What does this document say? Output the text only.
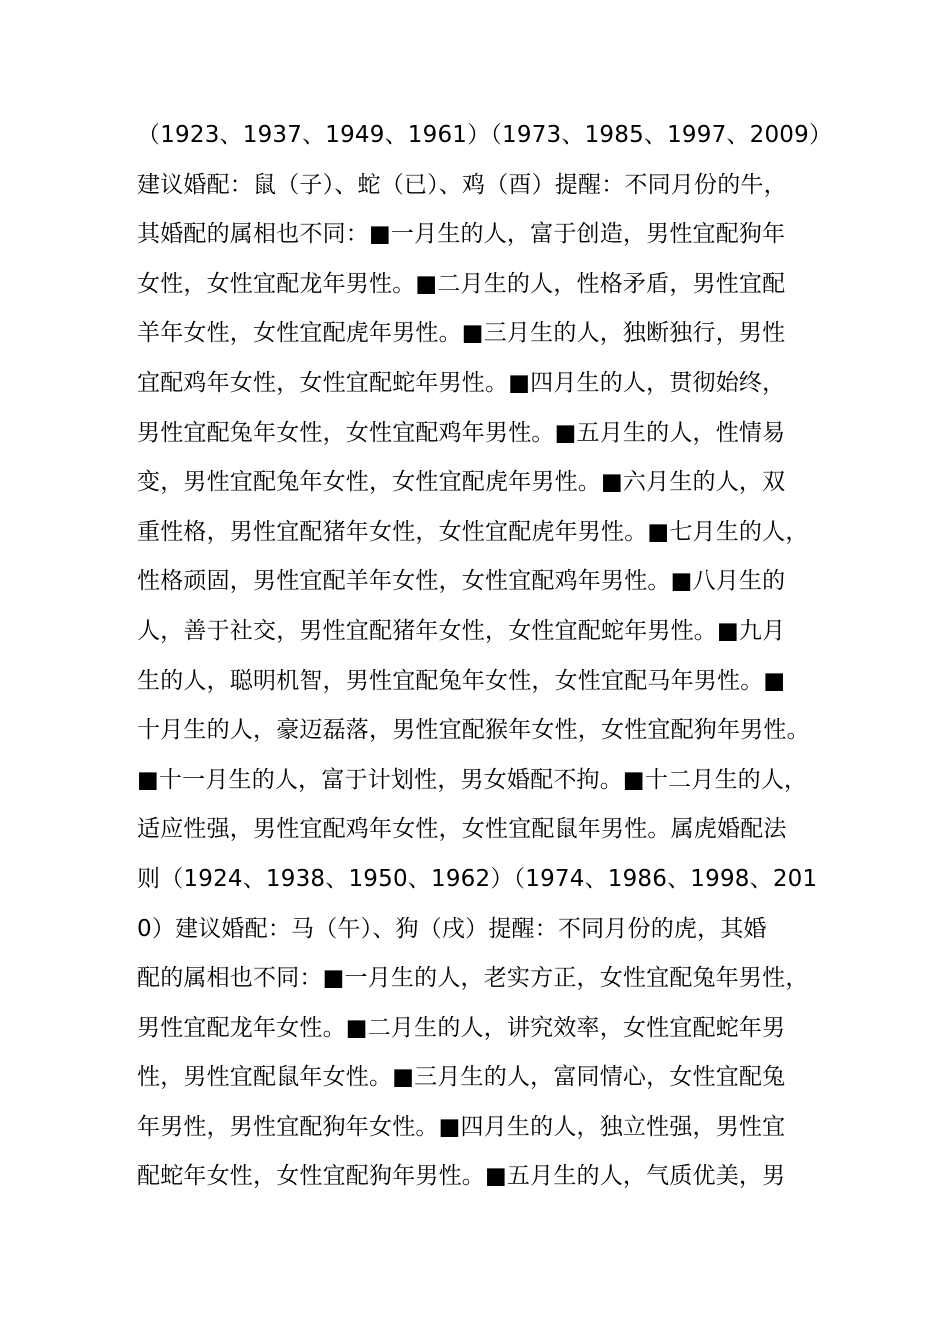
（1923、1937、1949、1961）（1973、1985、1997、2009）
建议婚配：鼠（子）、蛇（已）、鸡（酉）提醒：不同月份的牛，
其婚配的属相也不同：■一月生的人，富于创造，男性宜配狗年
女性，女性宜配龙年男性。■二月生的人，性格矛盾，男性宜配
羊年女性，女性宜配虎年男性。■三月生的人，独断独行，男性
宜配鸡年女性，女性宜配蛇年男性。■四月生的人，贯彻始终，
男性宜配兔年女性，女性宜配鸡年男性。■五月生的人，性情易
变，男性宜配兔年女性，女性宜配虎年男性。■六月生的人，双
重性格，男性宜配猪年女性，女性宜配虎年男性。■七月生的人，
性格顽固，男性宜配羊年女性，女性宜配鸡年男性。■八月生的
人，善于社交，男性宜配猪年女性，女性宜配蛇年男性。■九月
生的人，聪明机智，男性宜配兔年女性，女性宜配马年男性。■
十月生的人，豪迈磊落，男性宜配猴年女性，女性宜配狗年男性。
■十一月生的人，富于计划性，男女婚配不拘。■十二月生的人，
适应性强，男性宜配鸡年女性，女性宜配鼠年男性。属虎婚配法
则（1924、1938、1950、1962）（1974、1986、1998、201
0）建议婚配：马（午）、狗（戌）提醒：不同月份的虎，其婚
配的属相也不同：■一月生的人，老实方正，女性宜配兔年男性，
男性宜配龙年女性。■二月生的人，讲究效率，女性宜配蛇年男
性，男性宜配鼠年女性。■三月生的人，富同情心，女性宜配兔
年男性，男性宜配狗年女性。■四月生的人，独立性强，男性宜
配蛇年女性，女性宜配狗年男性。■五月生的人，气质优美，男
